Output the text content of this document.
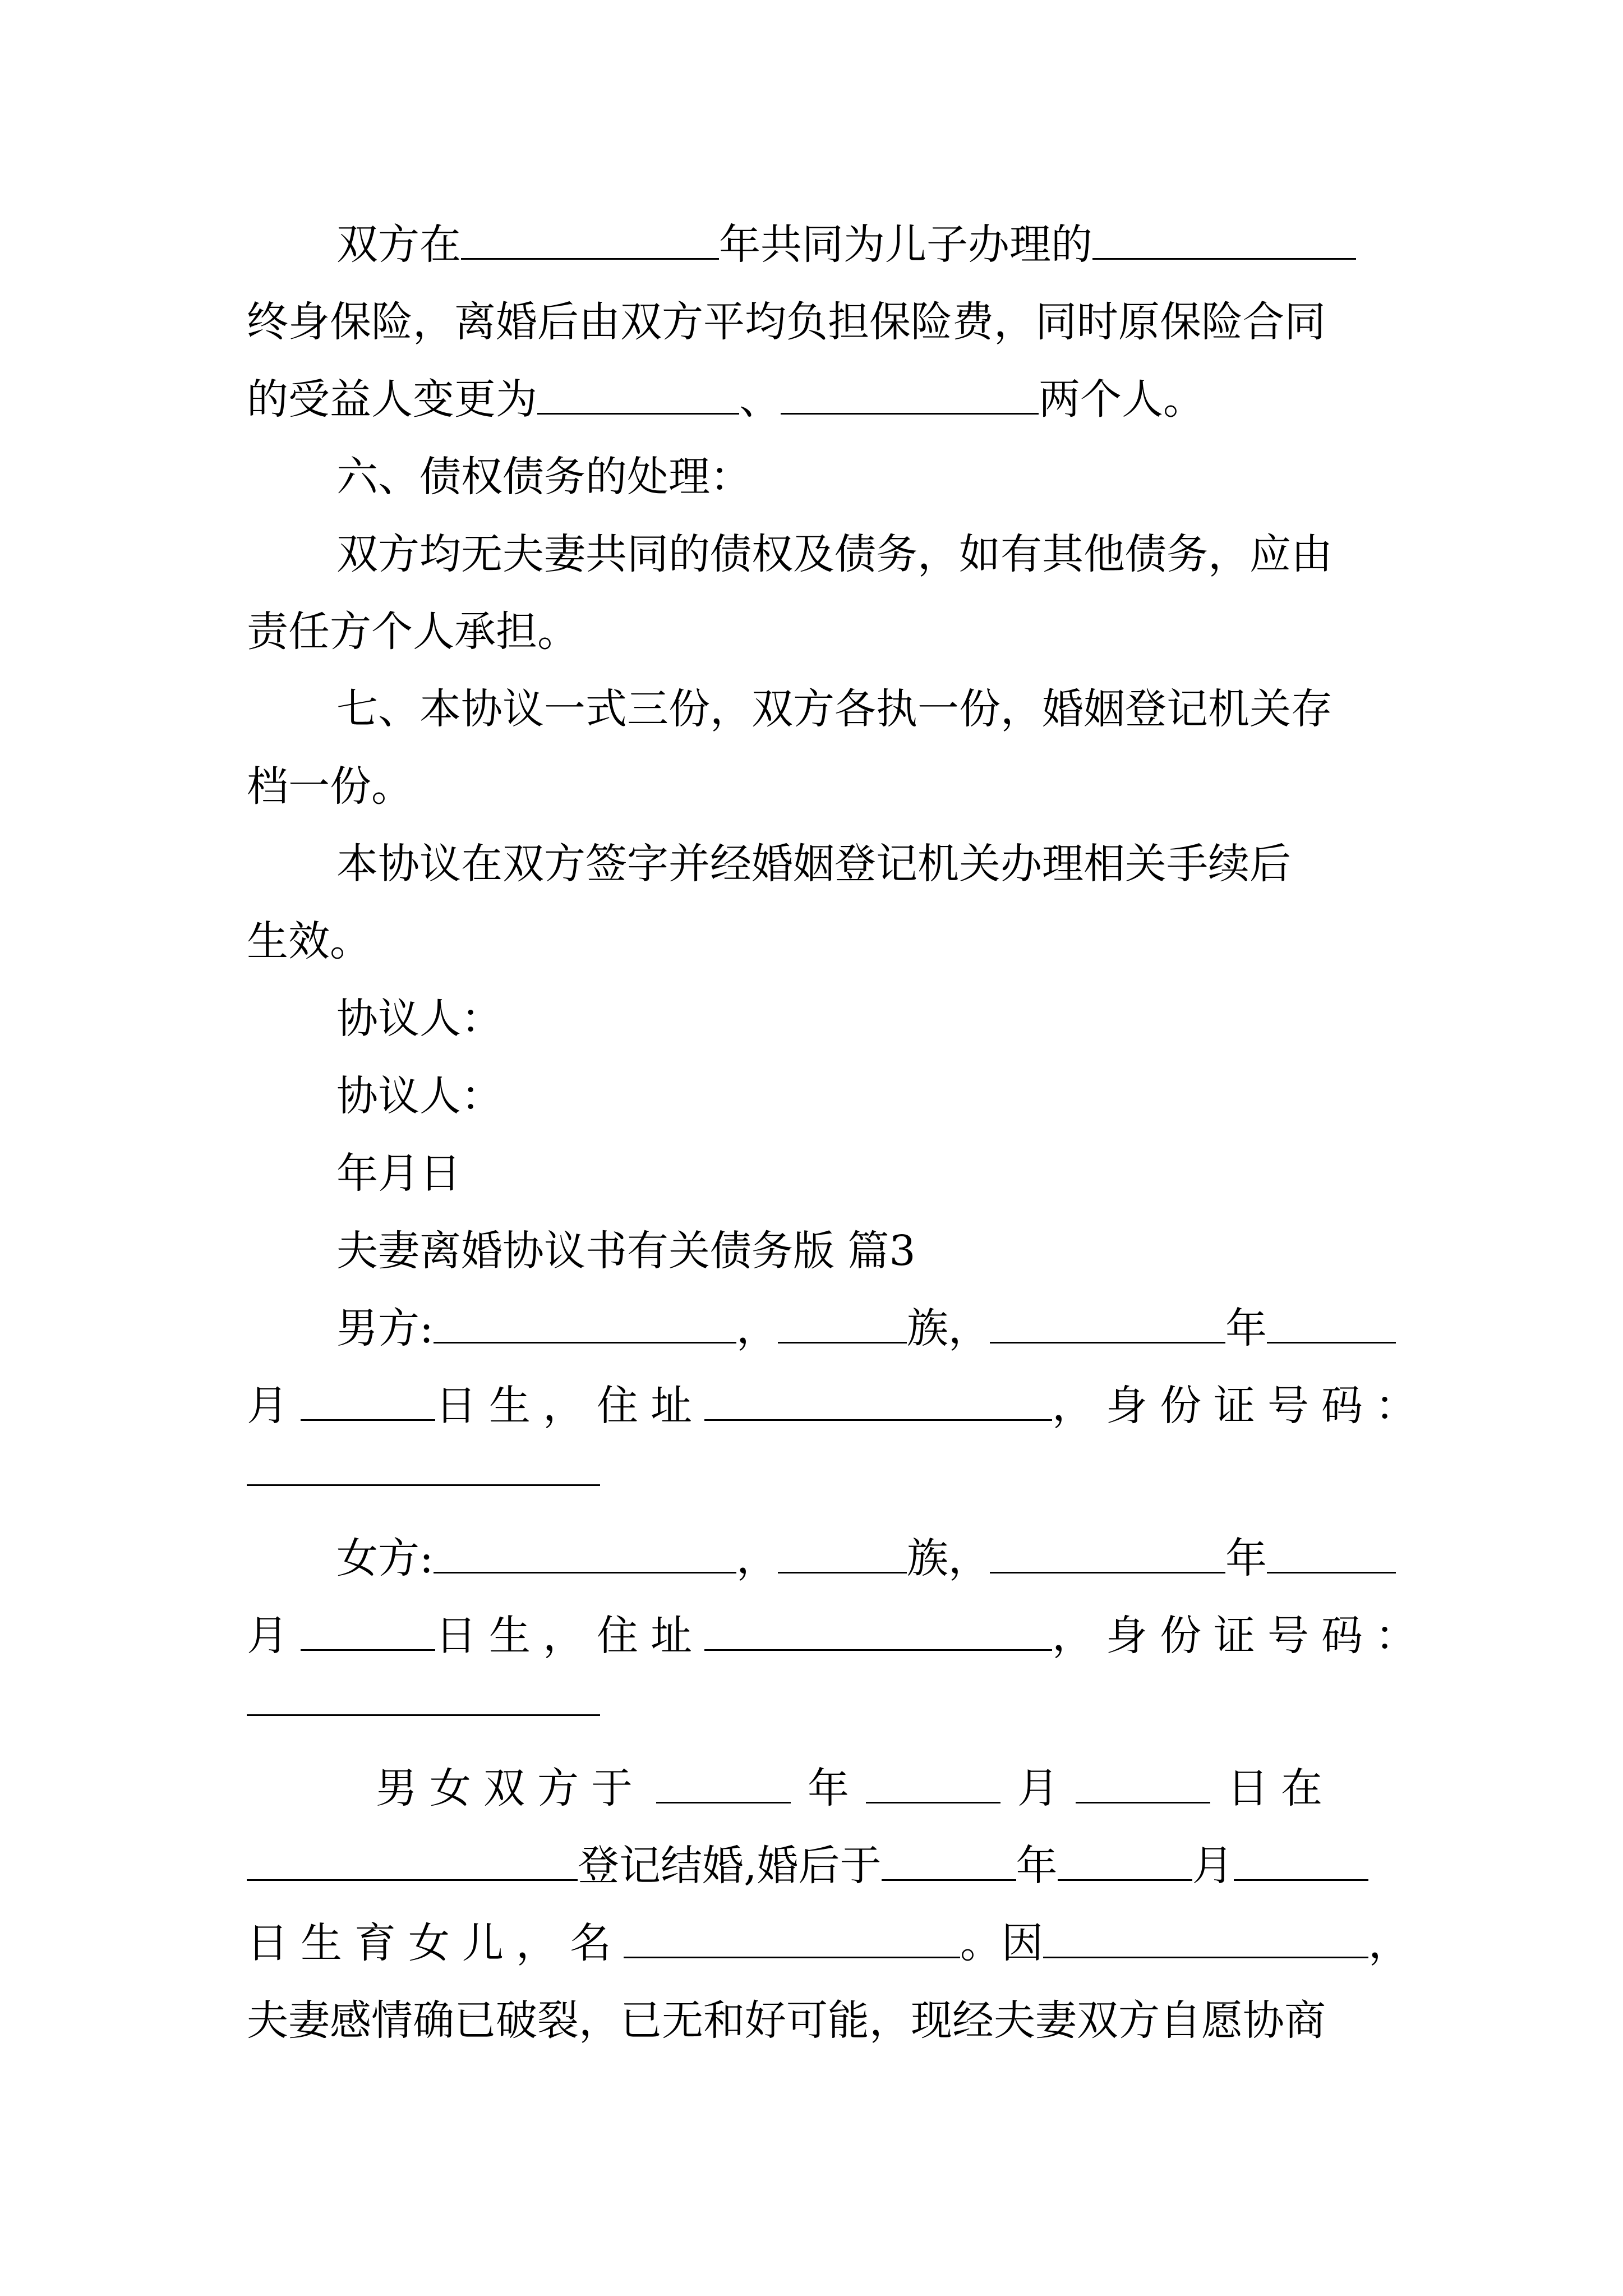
双方在	年共同为儿子办理的
终身保险，离婚后由双方平均负担保险费，同时原保险合同
的受益人变更为	、	两个人。
六、债权债务的处理：
双方均无夫妻共同的债权及债务，如有其他债务，应由
责任方个人承担。
七、本协议一式三份，双方各执一份，婚姻登记机关存
档一份。
本协议在双方签字并经婚姻登记机关办理相关手续后
生效。
协议人：
协议人：
年月日
夫妻离婚协议书有关债务版 篇3
男方:	，	族，	年
月	日生，住址	，身份证号码：
女方:	，	族，	年
月	日生，住址	，身份证号码：
男女双方于	年	月	日在
登记结婚,婚后于	年	月
日生育女儿，名	。因	，
夫妻感情确已破裂，已无和好可能，现经夫妻双方自愿协商
